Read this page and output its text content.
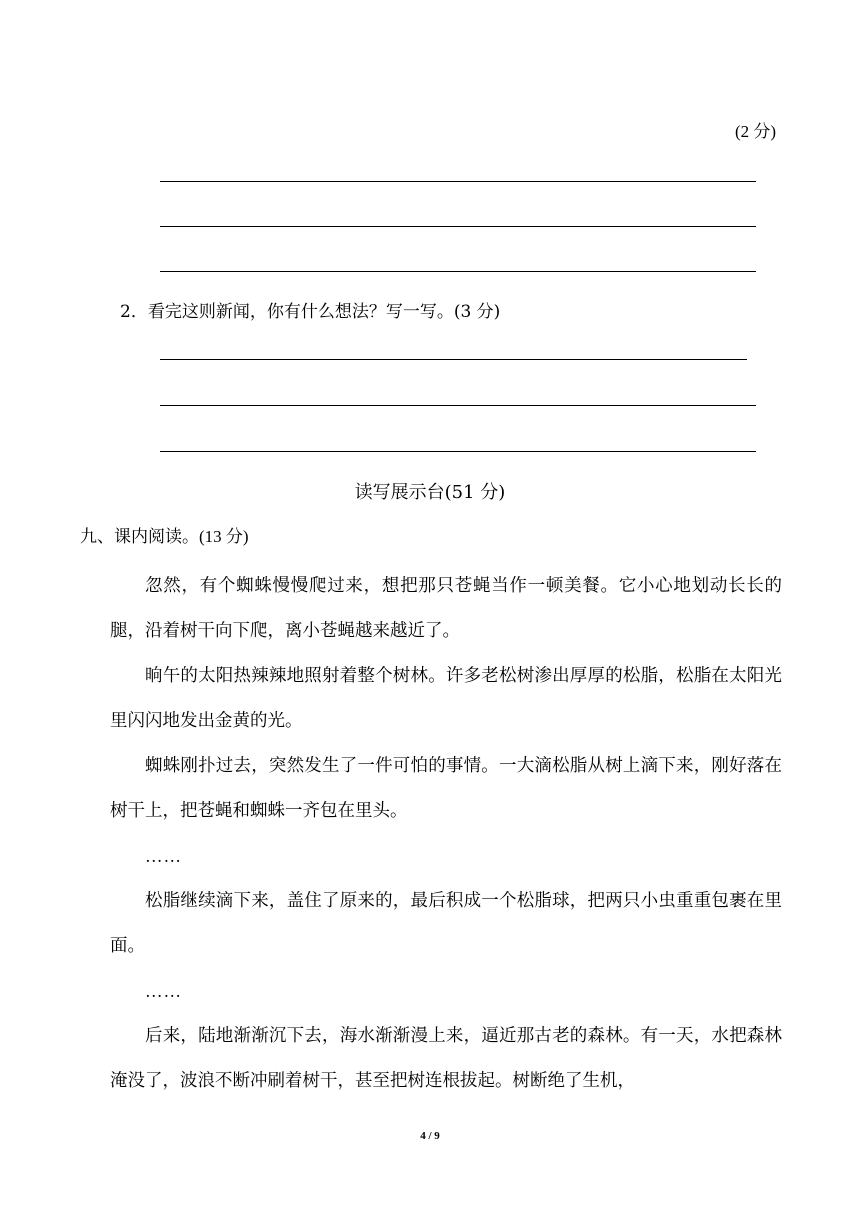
(2 分)
2．看完这则新闻，你有什么想法？写一写。(3 分)
读写展示台(51 分)
九、课内阅读。(13 分)

忽然，有个蜘蛛慢慢爬过来，想把那只苍蝇当作一顿美餐。它小心地划动长长的腿，沿着树干向下爬，离小苍蝇越来越近了。

晌午的太阳热辣辣地照射着整个树林。许多老松树渗出厚厚的松脂，松脂在太阳光里闪闪地发出金黄的光。

蜘蛛刚扑过去，突然发生了一件可怕的事情。一大滴松脂从树上滴下来，刚好落在树干上，把苍蝇和蜘蛛一齐包在里头。

……

松脂继续滴下来，盖住了原来的，最后积成一个松脂球，把两只小虫重重包裹在里面。

……

后来，陆地渐渐沉下去，海水渐渐漫上来，逼近那古老的森林。有一天，水把森林淹没了，波浪不断冲刷着树干，甚至把树连根拔起。树断绝了生机，

4 / 9
